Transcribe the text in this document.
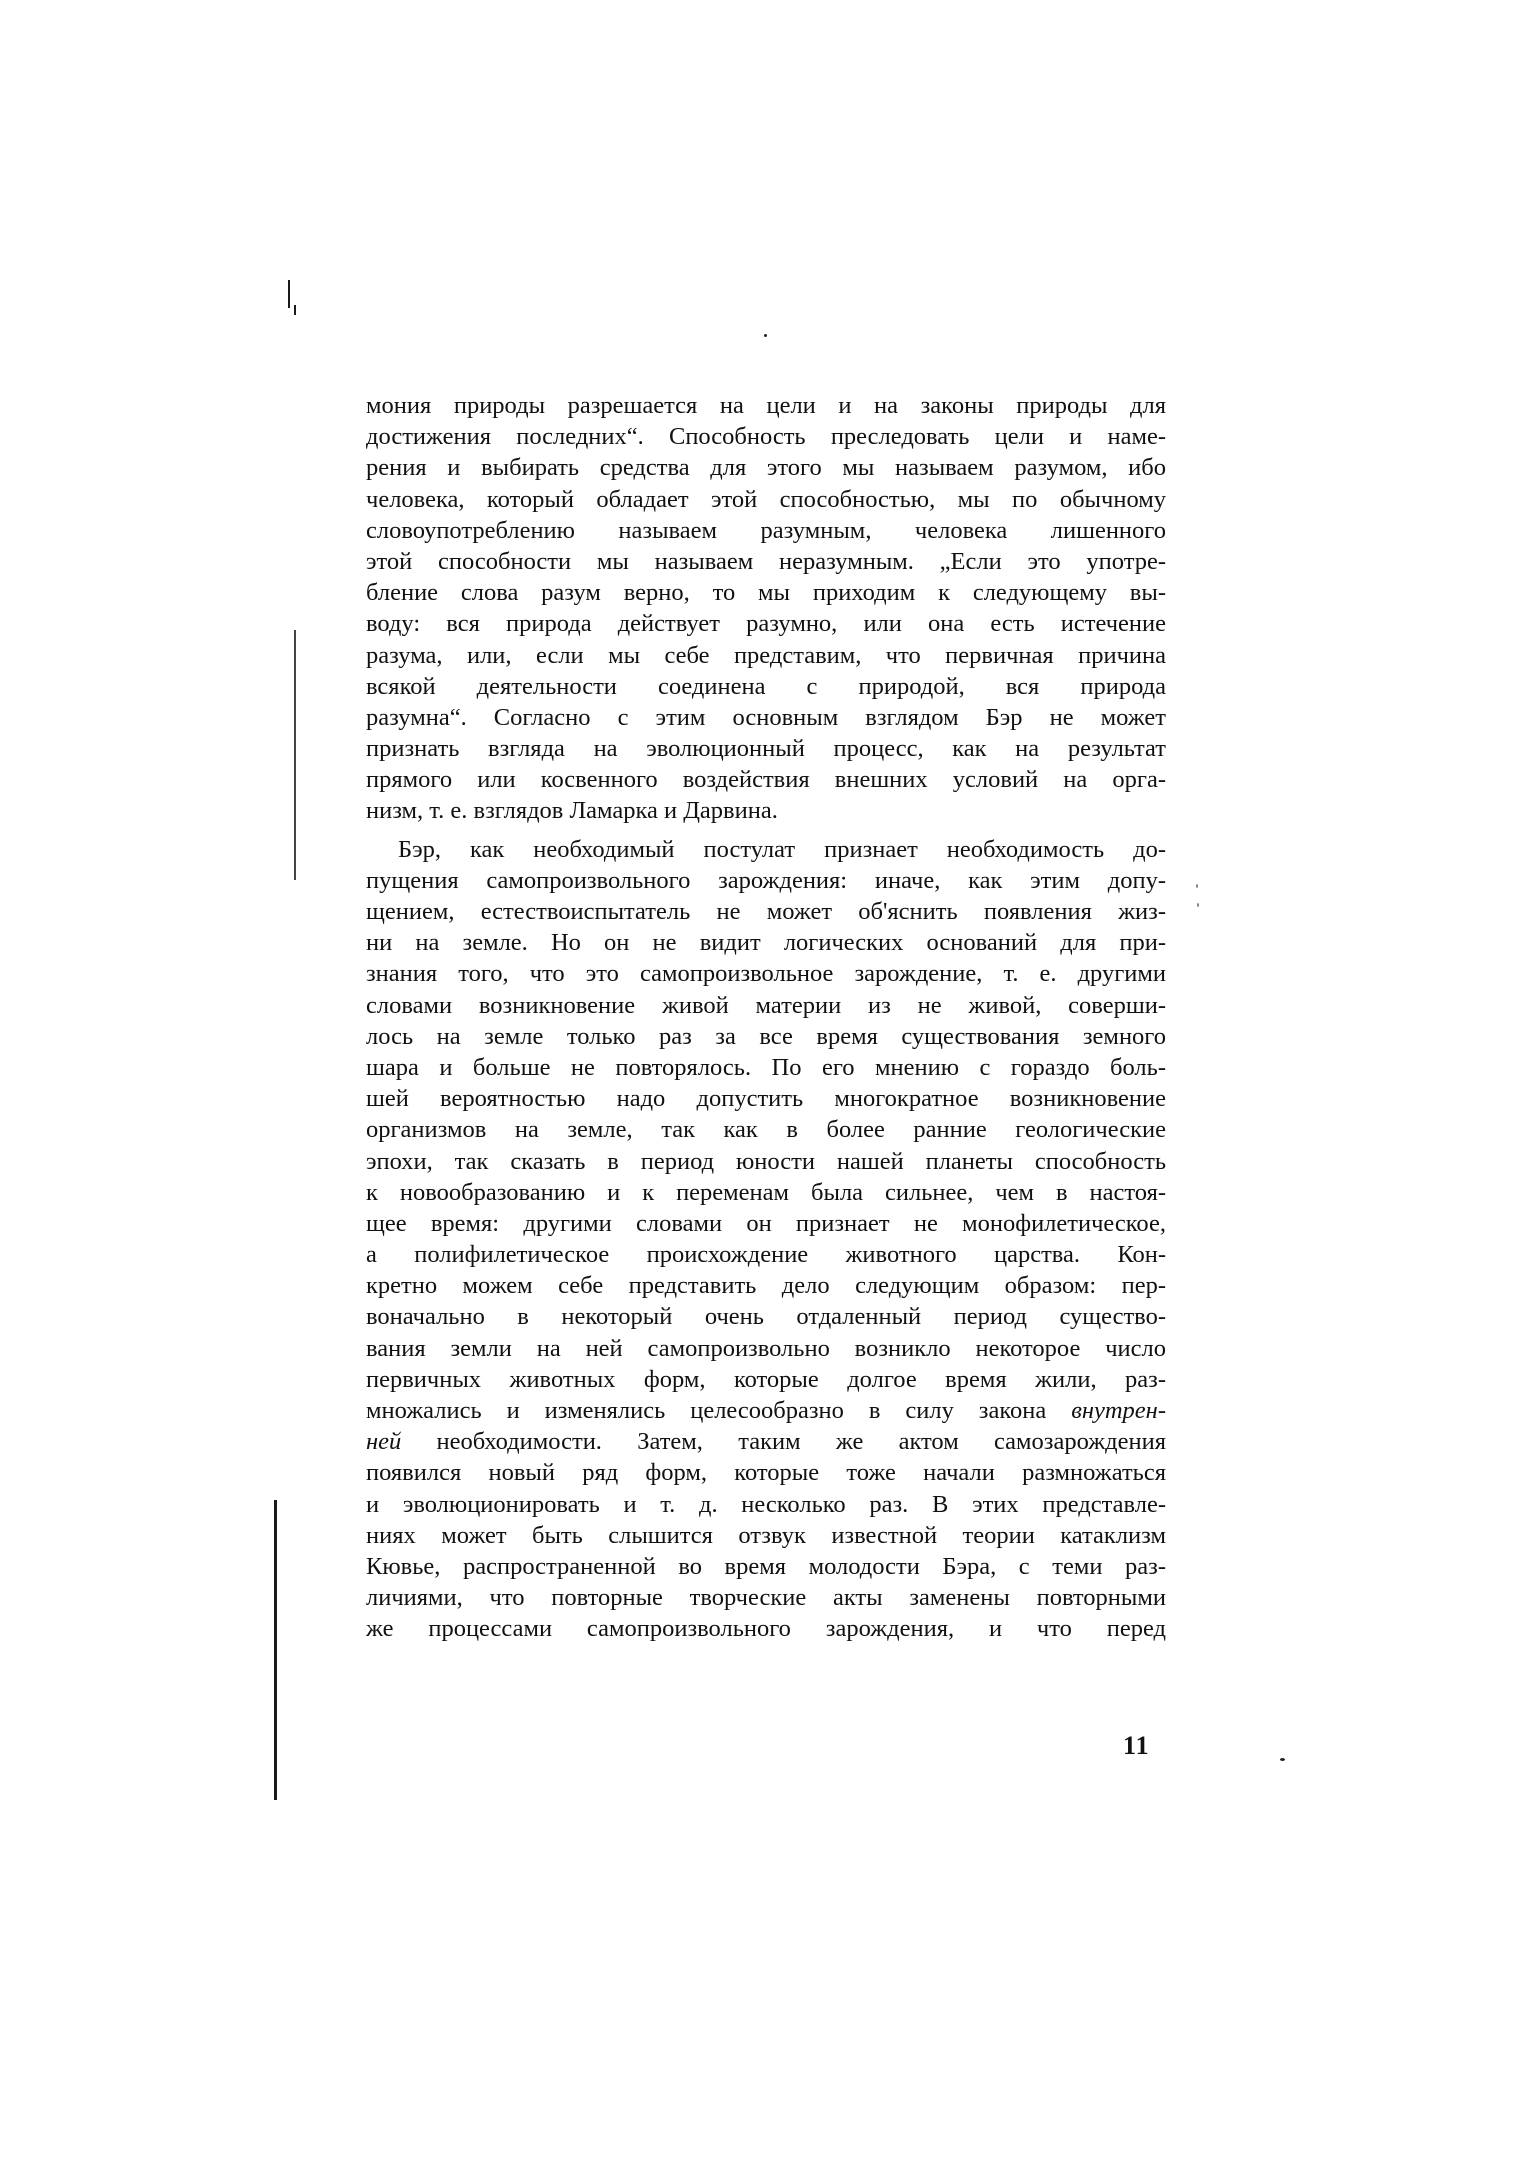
мония природы разрешается на цели и на законы природы для
достижения последних“. Способность преследовать цели и наме-
рения и выбирать средства для этого мы называем разумом, ибо
человека, который обладает этой способностью, мы по обычному
словоупотреблению называем разумным, человека лишенного
этой способности мы называем неразумным. „Если это употре-
бление слова разум верно, то мы приходим к следующему вы-
воду: вся природа действует разумно, или она есть истечение
разума, или, если мы себе представим, что первичная причина
всякой деятельности соединена с природой, вся природа
разумна“. Согласно с этим основным взглядом Бэр не может
признать взгляда на эволюционный процесс, как на результат
прямого или косвенного воздействия внешних условий на орга-
низм, т. е. взглядов Ламарка и Дарвина.
Бэр, как необходимый постулат признает необходимость до-
пущения самопроизвольного зарождения: иначе, как этим допу-
щением, естествоиспытатель не может об'яснить появления жиз-
ни на земле. Но он не видит логических оснований для при-
знания того, что это самопроизвольное зарождение, т. е. другими
словами возникновение живой материи из не живой, соверши-
лось на земле только раз за все время существования земного
шара и больше не повторялось. По его мнению с гораздо боль-
шей вероятностью надо допустить многократное возникновение
организмов на земле, так как в более ранние геологические
эпохи, так сказать в период юности нашей планеты способность
к новообразованию и к переменам была сильнее, чем в настоя-
щее время: другими словами он признает не монофилетическое,
а полифилетическое происхождение животного царства. Кон-
кретно можем себе представить дело следующим образом: пер-
воначально в некоторый очень отдаленный период существо-
вания земли на ней самопроизвольно возникло некоторое число
первичных животных форм, которые долгое время жили, раз-
множались и изменялись целесообразно в силу закона внутрен-
ней необходимости. Затем, таким же актом самозарождения
появился новый ряд форм, которые тоже начали размножаться
и эволюционировать и т. д. несколько раз. В этих представле-
ниях может быть слышится отзвук известной теории катаклизм
Кювье, распространенной во время молодости Бэра, с теми раз-
личиями, что повторные творческие акты заменены повторными
же процессами самопроизвольного зарождения, и что перед
11
